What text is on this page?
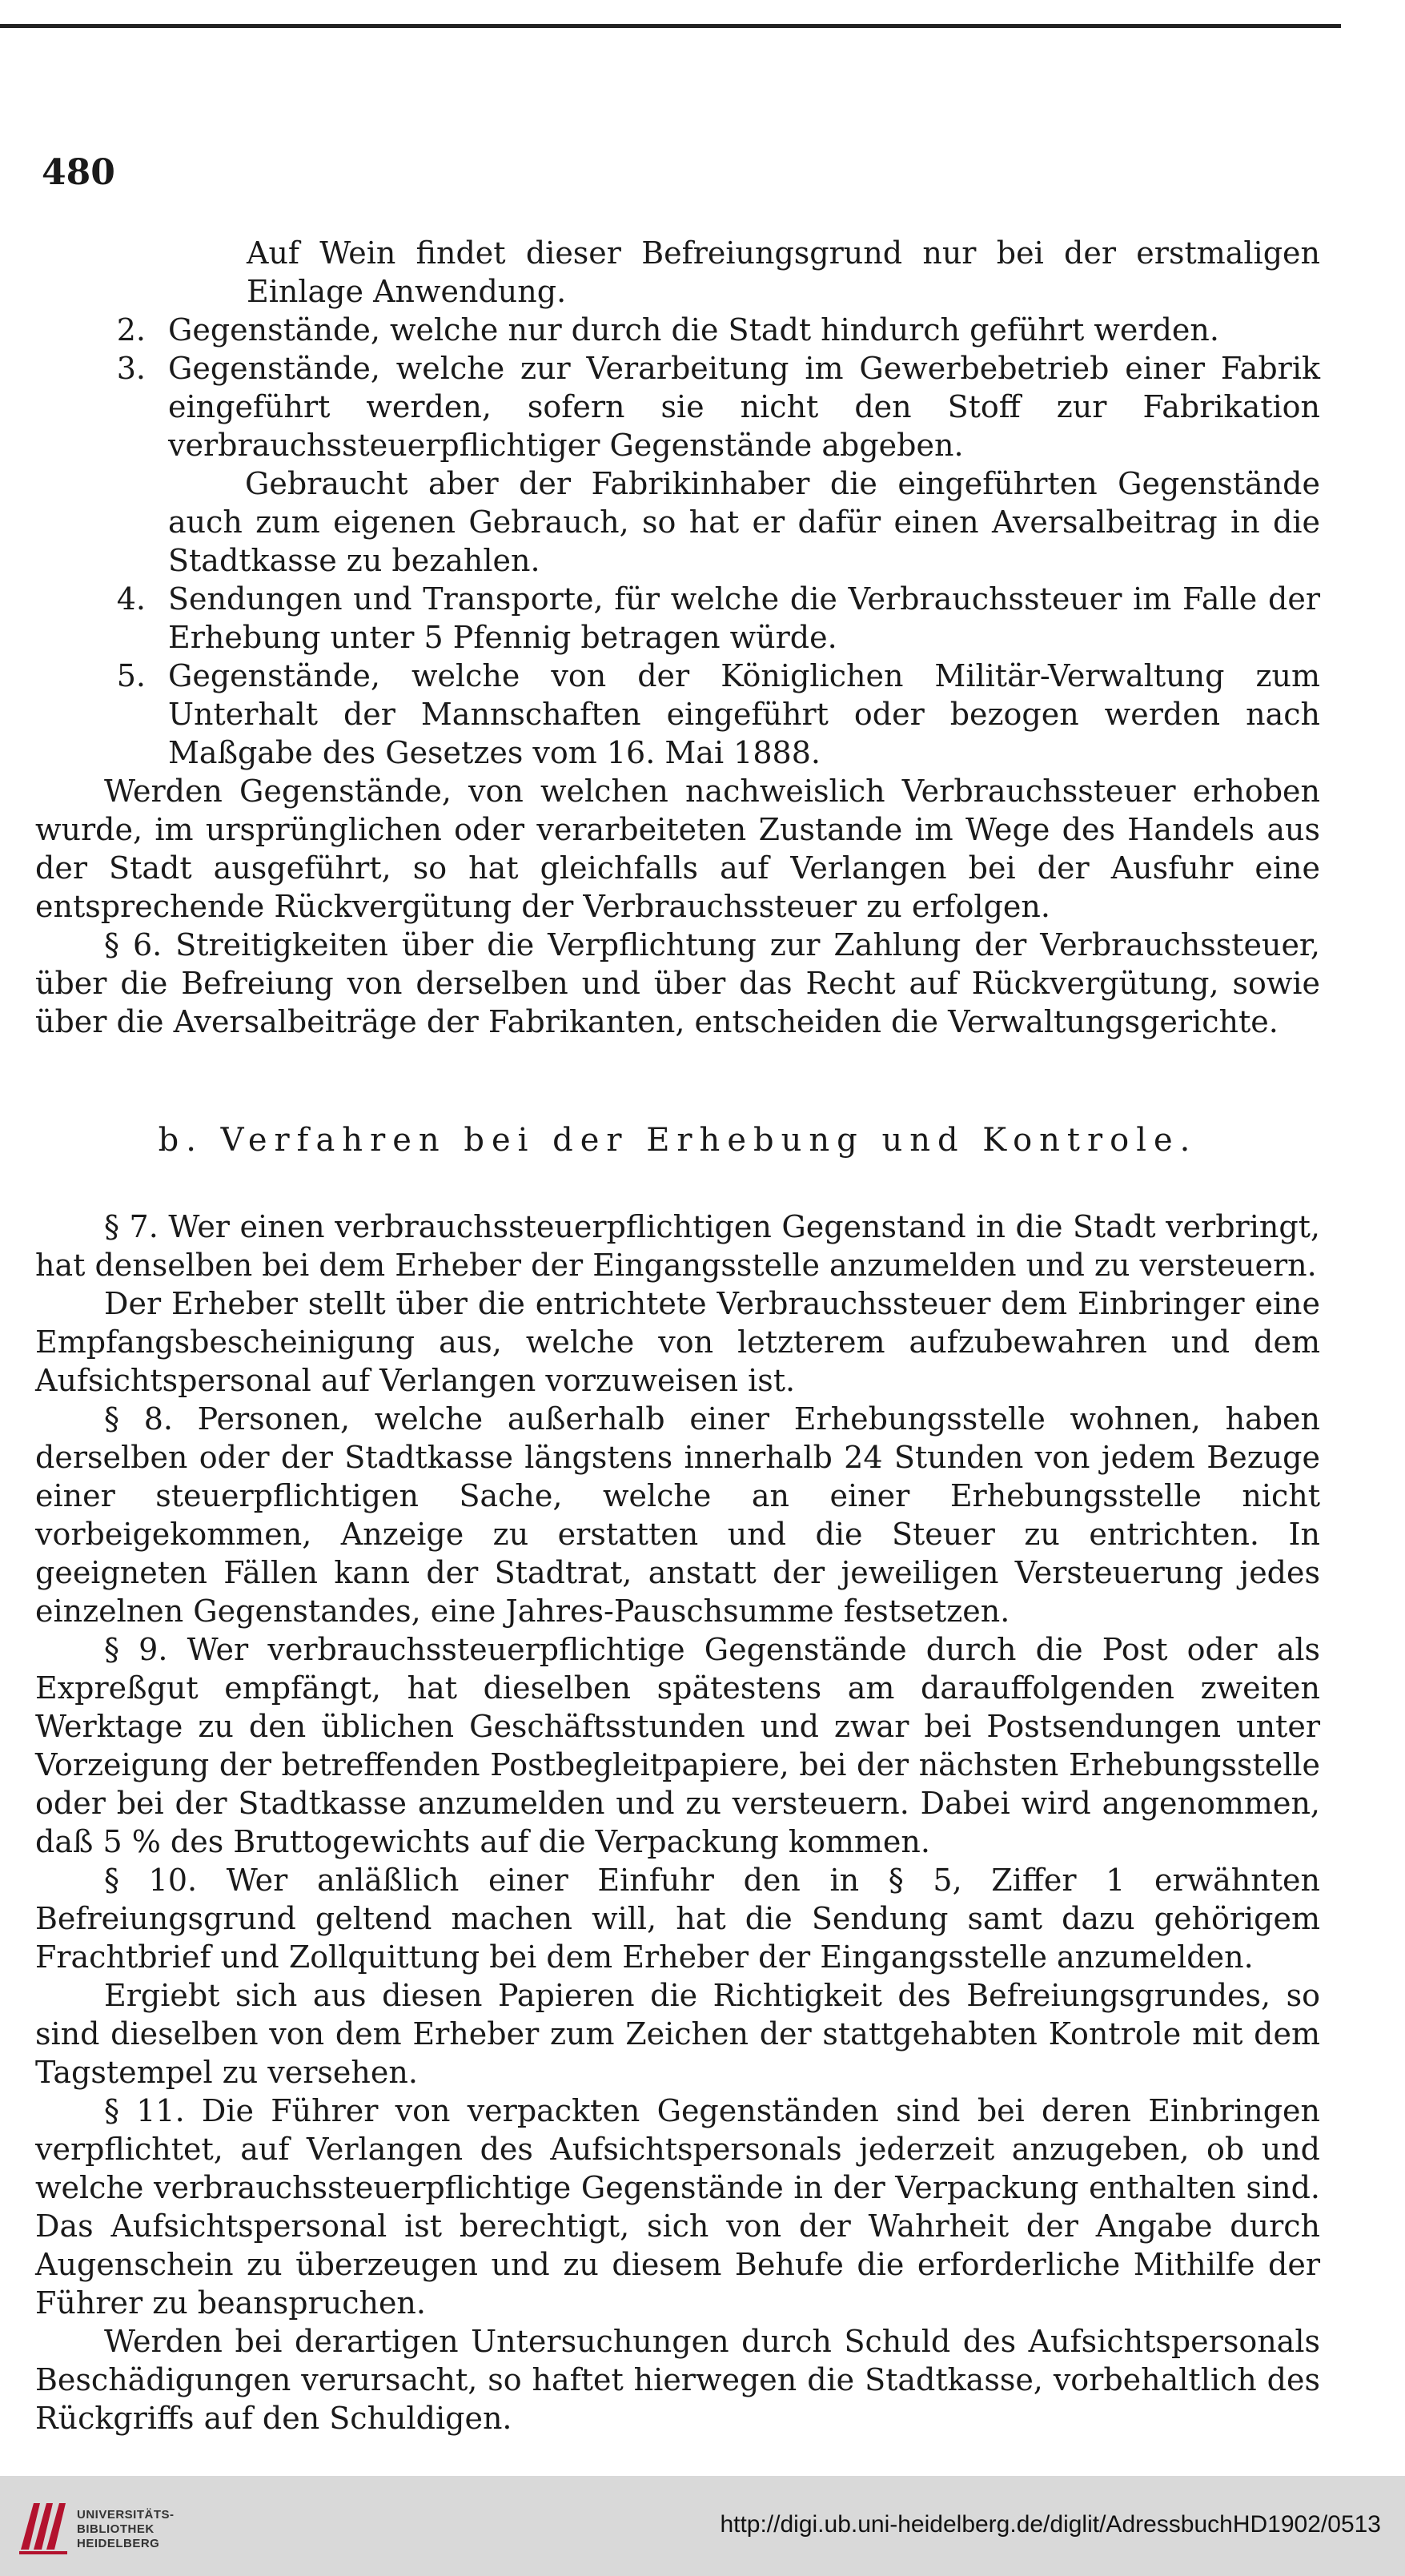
480

Auf Wein findet dieser Befreiungsgrund nur bei der erstmaligen Einlage Anwendung.

2. Gegenstände, welche nur durch die Stadt hindurch geführt werden.
3. Gegenstände, welche zur Verarbeitung im Gewerbebetrieb einer Fabrik eingeführt werden, sofern sie nicht den Stoff zur Fabrikation verbrauchssteuerpflichtiger Gegenstände abgeben.

Gebraucht aber der Fabrikinhaber die eingeführten Gegenstände auch zum eigenen Gebrauch, so hat er dafür einen Aversalbeitrag in die Stadtkasse zu bezahlen.

4. Sendungen und Transporte, für welche die Verbrauchssteuer im Falle der Erhebung unter 5 Pfennig betragen würde.
5. Gegenstände, welche von der Königlichen Militär-Verwaltung zum Unterhalt der Mannschaften eingeführt oder bezogen werden nach Maßgabe des Gesetzes vom 16. Mai 1888.

Werden Gegenstände, von welchen nachweislich Verbrauchssteuer erhoben wurde, im ursprünglichen oder verarbeiteten Zustande im Wege des Handels aus der Stadt ausgeführt, so hat gleichfalls auf Verlangen bei der Ausfuhr eine entsprechende Rückvergütung der Verbrauchssteuer zu erfolgen.

§ 6. Streitigkeiten über die Verpflichtung zur Zahlung der Verbrauchssteuer, über die Befreiung von derselben und über das Recht auf Rückvergütung, sowie über die Aversalbeiträge der Fabrikanten, entscheiden die Verwaltungsgerichte.

b. Verfahren bei der Erhebung und Kontrole.

§ 7. Wer einen verbrauchssteuerpflichtigen Gegenstand in die Stadt verbringt, hat denselben bei dem Erheber der Eingangsstelle anzumelden und zu versteuern.

Der Erheber stellt über die entrichtete Verbrauchssteuer dem Einbringer eine Empfangsbescheinigung aus, welche von letzterem aufzubewahren und dem Aufsichtspersonal auf Verlangen vorzuweisen ist.

§ 8. Personen, welche außerhalb einer Erhebungsstelle wohnen, haben derselben oder der Stadtkasse längstens innerhalb 24 Stunden von jedem Bezuge einer steuerpflichtigen Sache, welche an einer Erhebungsstelle nicht vorbeigekommen, Anzeige zu erstatten und die Steuer zu entrichten. In geeigneten Fällen kann der Stadtrat, anstatt der jeweiligen Versteuerung jedes einzelnen Gegenstandes, eine Jahres-Pauschsumme festsetzen.

§ 9. Wer verbrauchssteuerpflichtige Gegenstände durch die Post oder als Expreßgut empfängt, hat dieselben spätestens am darauffolgenden zweiten Werktage zu den üblichen Geschäftsstunden und zwar bei Postsendungen unter Vorzeigung der betreffenden Postbegleitpapiere, bei der nächsten Erhebungsstelle oder bei der Stadtkasse anzumelden und zu versteuern. Dabei wird angenommen, daß 5 % des Bruttogewichts auf die Verpackung kommen.

§ 10. Wer anläßlich einer Einfuhr den in § 5, Ziffer 1 erwähnten Befreiungsgrund geltend machen will, hat die Sendung samt dazu gehörigem Frachtbrief und Zollquittung bei dem Erheber der Eingangsstelle anzumelden.

Ergiebt sich aus diesen Papieren die Richtigkeit des Befreiungsgrundes, so sind dieselben von dem Erheber zum Zeichen der stattgehabten Kontrole mit dem Tagstempel zu versehen.

§ 11. Die Führer von verpackten Gegenständen sind bei deren Einbringen verpflichtet, auf Verlangen des Aufsichtspersonals jederzeit anzugeben, ob und welche verbrauchssteuerpflichtige Gegenstände in der Verpackung enthalten sind. Das Aufsichtspersonal ist berechtigt, sich von der Wahrheit der Angabe durch Augenschein zu überzeugen und zu diesem Behufe die erforderliche Mithilfe der Führer zu beanspruchen.

Werden bei derartigen Untersuchungen durch Schuld des Aufsichtspersonals Beschädigungen verursacht, so haftet hierwegen die Stadtkasse, vorbehaltlich des Rückgriffs auf den Schuldigen.

UNIVERSITÄTS-
BIBLIOTHEK
HEIDELBERG
http://digi.ub.uni-heidelberg.de/diglit/AdressbuchHD1902/0513
